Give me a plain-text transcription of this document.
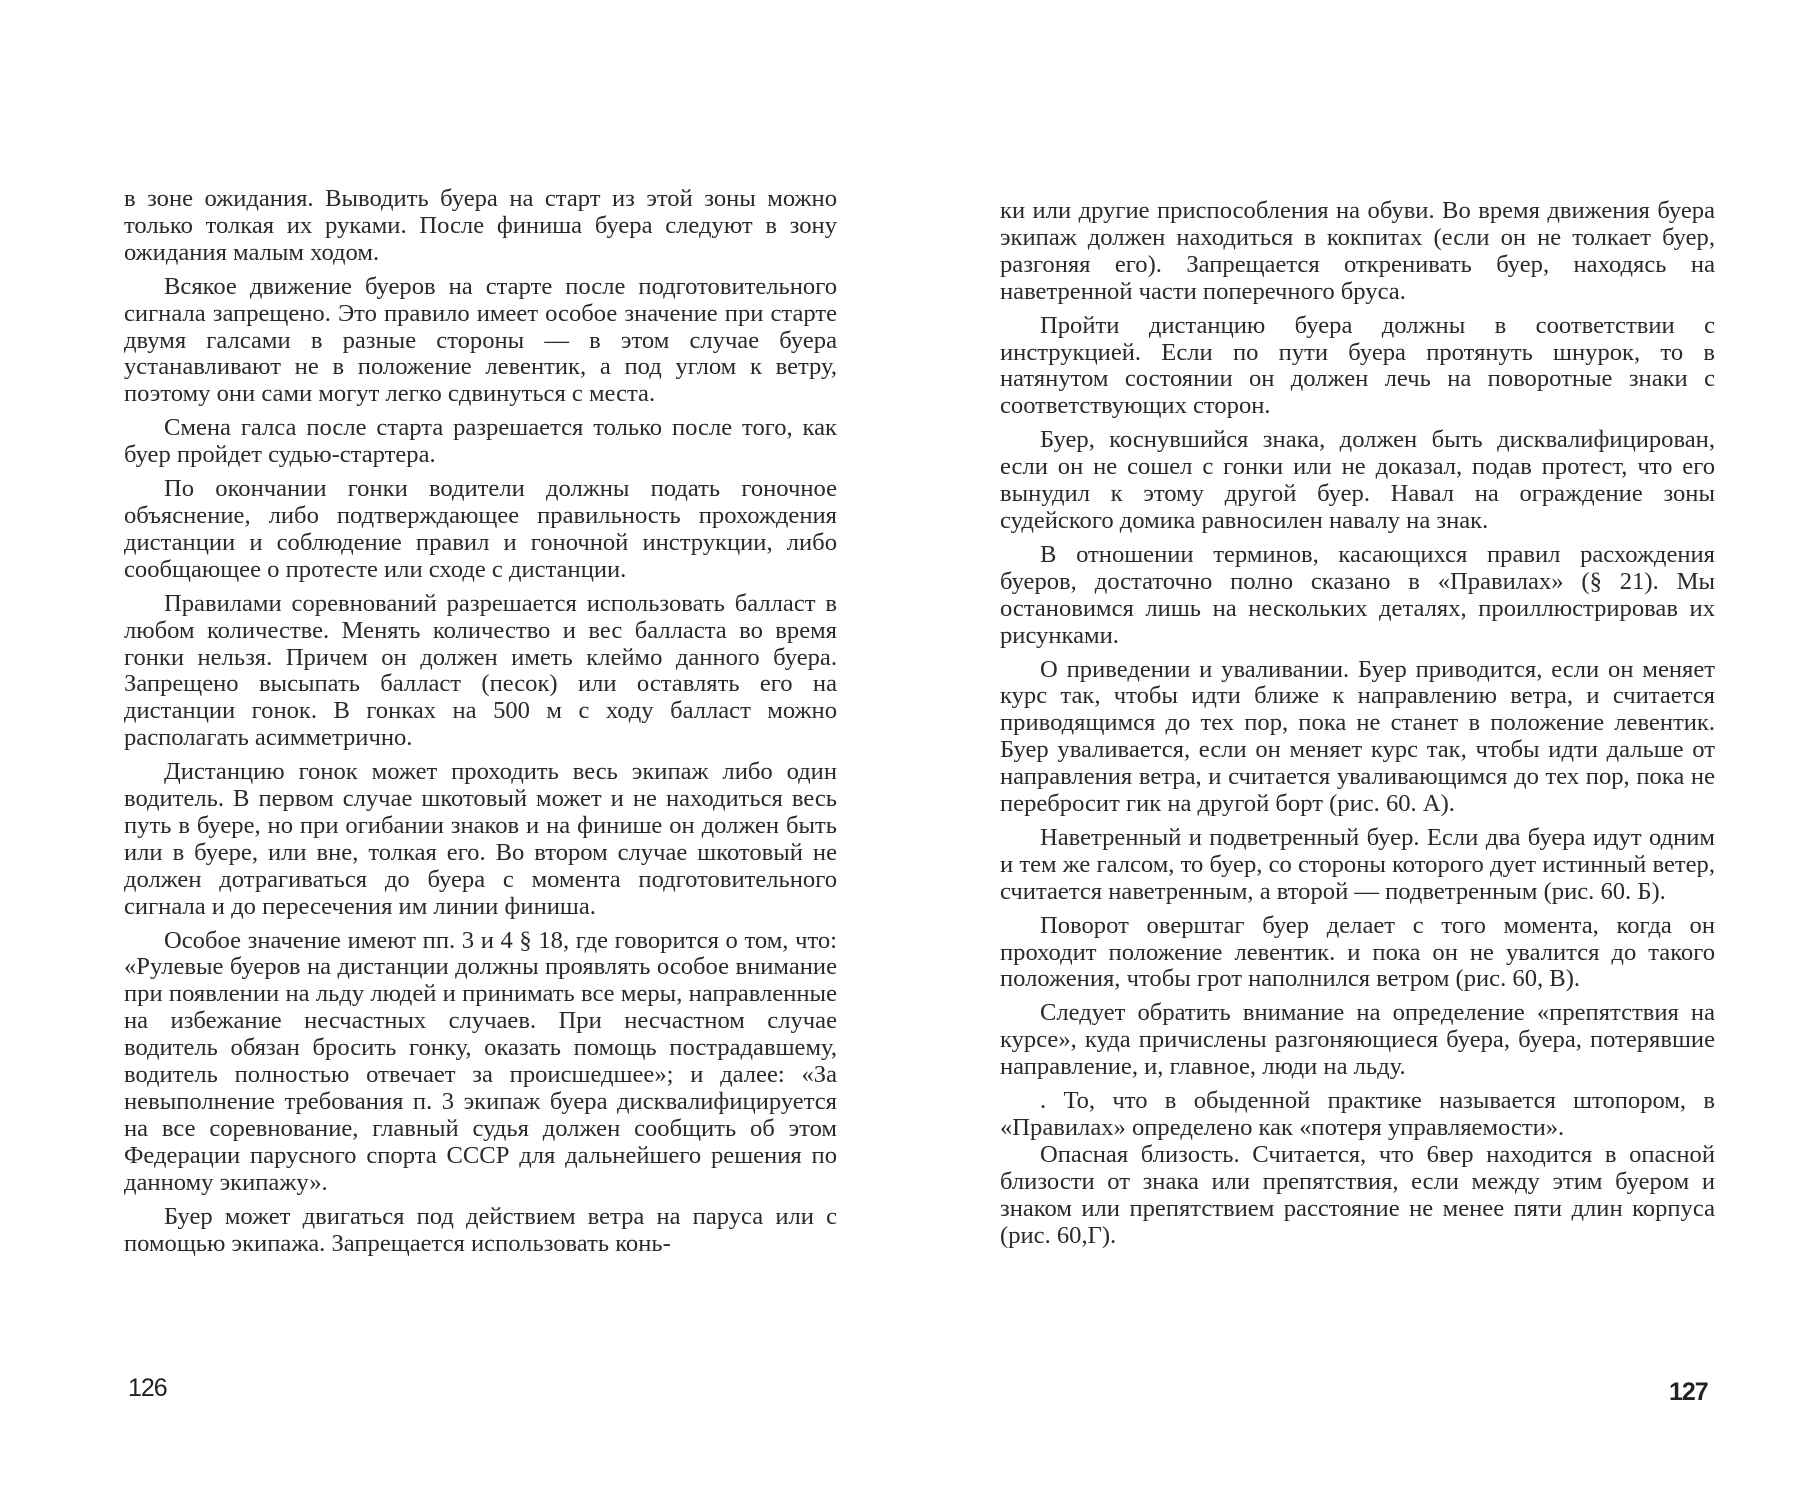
в зоне ожидания. Выводить буера на старт из этой зоны можно только толкая их руками. После финиша буера следуют в зону ожидания малым ходом.

Всякое движение буеров на старте после подготовительного сигнала запрещено. Это правило имеет особое значение при старте двумя галсами в разные стороны — в этом случае буера устанавливают не в положение левентик, а под углом к ветру, поэтому они сами могут легко сдвинуться с места.

Смена галса после старта разрешается только после того, как буер пройдет судью-стартера.

По окончании гонки водители должны подать гоночное объяснение, либо подтверждающее правильность прохождения дистанции и соблюдение правил и гоночной инструкции, либо сообщающее о протесте или сходе с дистанции.

Правилами соревнований разрешается использовать балласт в любом количестве. Менять количество и вес балласта во время гонки нельзя. Причем он должен иметь клеймо данного буера. Запрещено высыпать балласт (песок) или оставлять его на дистанции гонок. В гонках на 500 м с ходу балласт можно располагать асимметрично.

Дистанцию гонок может проходить весь экипаж либо один водитель. В первом случае шкотовый может и не находиться весь путь в буере, но при огибании знаков и на финише он должен быть или в буере, или вне, толкая его. Во втором случае шкотовый не должен дотрагиваться до буера с момента подготовительного сигнала и до пересечения им линии финиша.

Особое значение имеют пп. 3 и 4 § 18, где говорится о том, что: «Рулевые буеров на дистанции должны проявлять особое внимание при появлении на льду людей и принимать все меры, направленные на избежание несчастных случаев. При несчастном случае водитель обязан бросить гонку, оказать помощь пострадавшему, водитель полностью отвечает за происшедшее»; и далее: «За невыполнение требования п. 3 экипаж буера дисквалифицируется на все соревнование, главный судья должен сообщить об этом Федерации парусного спорта СССР для дальнейшего решения по данному экипажу».

Буер может двигаться под действием ветра на паруса или с помощью экипажа. Запрещается использовать конь-

126

ки или другие приспособления на обуви. Во время движения буера экипаж должен находиться в кокпитах (если он не толкает буер, разгоняя его). Запрещается откренивать буер, находясь на наветренной части поперечного бруса.

Пройти дистанцию буера должны в соответствии с инструкцией. Если по пути буера протянуть шнурок, то в натянутом состоянии он должен лечь на поворотные знаки с соответствующих сторон.

Буер, коснувшийся знака, должен быть дисквалифицирован, если он не сошел с гонки или не доказал, подав протест, что его вынудил к этому другой буер. Навал на ограждение зоны судейского домика равносилен навалу на знак.

В отношении терминов, касающихся правил расхождения буеров, достаточно полно сказано в «Правилах» (§ 21). Мы остановимся лишь на нескольких деталях, проиллюстрировав их рисунками.

О приведении и уваливании. Буер приводится, если он меняет курс так, чтобы идти ближе к направлению ветра, и считается приводящимся до тех пор, пока не станет в положение левентик. Буер уваливается, если он меняет курс так, чтобы идти дальше от направления ветра, и считается уваливающимся до тех пор, пока не перебросит гик на другой борт (рис. 60. А).

Наветренный и подветренный буер. Если два буера идут одним и тем же галсом, то буер, со стороны которого дует истинный ветер, считается наветренным, а второй — подветренным (рис. 60. Б).

Поворот оверштаг буер делает с того момента, когда он проходит положение левентик. и пока он не увалится до такого положения, чтобы грот наполнился ветром (рис. 60, В).

Следует обратить внимание на определение «препятствия на курсе», куда причислены разгоняющиеся буера, буера, потерявшие направление, и, главное, люди на льду.

. То, что в обыденной практике называется штопором, в «Правилах» определено как «потеря управляемости».

Опасная близость. Считается, что 6вер находится в опасной близости от знака или препятствия, если между этим буером и знаком или препятствием расстояние не менее пяти длин корпуса (рис. 60,Г).

127
